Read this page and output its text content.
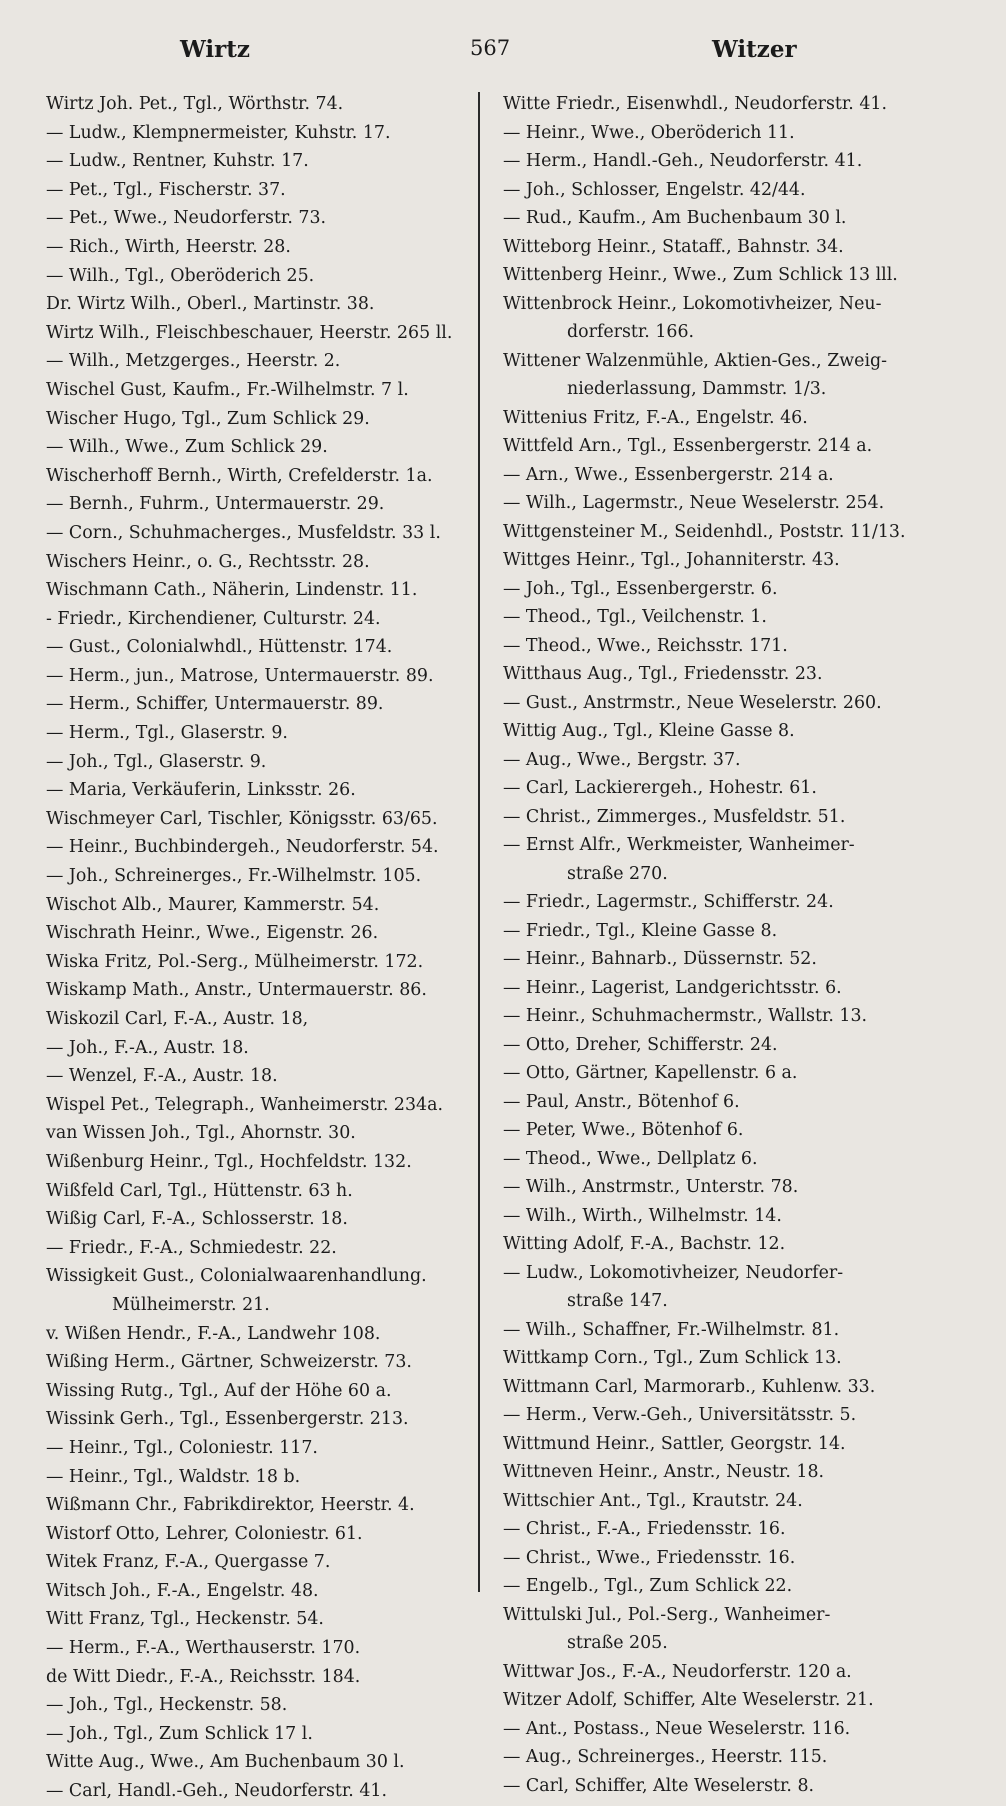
Wirtz	567	Witzer
Wirtz Joh. Pet., Tgl., Wörthstr. 74.
— Ludw., Klempnermeister, Kuhstr. 17.
— Ludw., Rentner, Kuhstr. 17.
— Pet., Tgl., Fischerstr. 37.
— Pet., Wwe., Neudorferstr. 73.
— Rich., Wirth, Heerstr. 28.
— Wilh., Tgl., Oberöderich 25.
Dr. Wirtz Wilh., Oberl., Martinstr. 38.
Wirtz Wilh., Fleischbeschauer, Heerstr. 265 ll.
— Wilh., Metzgerges., Heerstr. 2.
Wischel Gust, Kaufm., Fr.-Wilhelmstr. 7 l.
Wischer Hugo, Tgl., Zum Schlick 29.
— Wilh., Wwe., Zum Schlick 29.
Wischerhoff Bernh., Wirth, Crefelderstr. 1a.
— Bernh., Fuhrm., Untermauerstr. 29.
— Corn., Schuhmacherges., Musfeldstr. 33 l.
Wischers Heinr., o. G., Rechtsstr. 28.
Wischmann Cath., Näherin, Lindenstr. 11.
- Friedr., Kirchendiener, Culturstr. 24.
— Gust., Colonialwhdl., Hüttenstr. 174.
— Herm., jun., Matrose, Untermauerstr. 89.
— Herm., Schiffer, Untermauerstr. 89.
— Herm., Tgl., Glaserstr. 9.
— Joh., Tgl., Glaserstr. 9.
— Maria, Verkäuferin, Linksstr. 26.
Wischmeyer Carl, Tischler, Königsstr. 63/65.
— Heinr., Buchbindergeh., Neudorferstr. 54.
— Joh., Schreinerges., Fr.-Wilhelmstr. 105.
Wischot Alb., Maurer, Kammerstr. 54.
Wischrath Heinr., Wwe., Eigenstr. 26.
Wiska Fritz, Pol.-Serg., Mülheimerstr. 172.
Wiskamp Math., Anstr., Untermauerstr. 86.
Wiskozil Carl, F.-A., Austr. 18,
— Joh., F.-A., Austr. 18.
— Wenzel, F.-A., Austr. 18.
Wispel Pet., Telegraph., Wanheimerstr. 234a.
van Wissen Joh., Tgl., Ahornstr. 30.
Wißenburg Heinr., Tgl., Hochfeldstr. 132.
Wißfeld Carl, Tgl., Hüttenstr. 63 h.
Wißig Carl, F.-A., Schlosserstr. 18.
— Friedr., F.-A., Schmiedestr. 22.
Wissigkeit Gust., Colonialwaarenhandlung.
Mülheimerstr. 21.
v. Wißen Hendr., F.-A., Landwehr 108.
Wißing Herm., Gärtner, Schweizerstr. 73.
Wissing Rutg., Tgl., Auf der Höhe 60 a.
Wissink Gerh., Tgl., Essenbergerstr. 213.
— Heinr., Tgl., Coloniestr. 117.
— Heinr., Tgl., Waldstr. 18 b.
Wißmann Chr., Fabrikdirektor, Heerstr. 4.
Wistorf Otto, Lehrer, Coloniestr. 61.
Witek Franz, F.-A., Quergasse 7.
Witsch Joh., F.-A., Engelstr. 48.
Witt Franz, Tgl., Heckenstr. 54.
— Herm., F.-A., Werthauserstr. 170.
de Witt Diedr., F.-A., Reichsstr. 184.
— Joh., Tgl., Heckenstr. 58.
— Joh., Tgl., Zum Schlick 17 l.
Witte Aug., Wwe., Am Buchenbaum 30 l.
— Carl, Handl.-Geh., Neudorferstr. 41.
Witte Friedr., Eisenwhdl., Neudorferstr. 41.
— Heinr., Wwe., Oberöderich 11.
— Herm., Handl.-Geh., Neudorferstr. 41.
— Joh., Schlosser, Engelstr. 42/44.
— Rud., Kaufm., Am Buchenbaum 30 l.
Witteborg Heinr., Stataff., Bahnstr. 34.
Wittenberg Heinr., Wwe., Zum Schlick 13 lll.
Wittenbrock Heinr., Lokomotivheizer, Neu-
dorferstr. 166.
Wittener Walzenmühle, Aktien-Ges., Zweig-
niederlassung, Dammstr. 1/3.
Wittenius Fritz, F.-A., Engelstr. 46.
Wittfeld Arn., Tgl., Essenbergerstr. 214 a.
— Arn., Wwe., Essenbergerstr. 214 a.
— Wilh., Lagermstr., Neue Weselerstr. 254.
Wittgensteiner M., Seidenhdl., Poststr. 11/13.
Wittges Heinr., Tgl., Johanniterstr. 43.
— Joh., Tgl., Essenbergerstr. 6.
— Theod., Tgl., Veilchenstr. 1.
— Theod., Wwe., Reichsstr. 171.
Witthaus Aug., Tgl., Friedensstr. 23.
— Gust., Anstrmstr., Neue Weselerstr. 260.
Wittig Aug., Tgl., Kleine Gasse 8.
— Aug., Wwe., Bergstr. 37.
— Carl, Lackierergeh., Hohestr. 61.
— Christ., Zimmerges., Musfeldstr. 51.
— Ernst Alfr., Werkmeister, Wanheimer-
straße 270.
— Friedr., Lagermstr., Schifferstr. 24.
— Friedr., Tgl., Kleine Gasse 8.
— Heinr., Bahnarb., Düssernstr. 52.
— Heinr., Lagerist, Landgerichtsstr. 6.
— Heinr., Schuhmachermstr., Wallstr. 13.
— Otto, Dreher, Schifferstr. 24.
— Otto, Gärtner, Kapellenstr. 6 a.
— Paul, Anstr., Bötenhof 6.
— Peter, Wwe., Bötenhof 6.
— Theod., Wwe., Dellplatz 6.
— Wilh., Anstrmstr., Unterstr. 78.
— Wilh., Wirth., Wilhelmstr. 14.
Witting Adolf, F.-A., Bachstr. 12.
— Ludw., Lokomotivheizer, Neudorfer-
straße 147.
— Wilh., Schaffner, Fr.-Wilhelmstr. 81.
Wittkamp Corn., Tgl., Zum Schlick 13.
Wittmann Carl, Marmorarb., Kuhlenw. 33.
— Herm., Verw.-Geh., Universitätsstr. 5.
Wittmund Heinr., Sattler, Georgstr. 14.
Wittneven Heinr., Anstr., Neustr. 18.
Wittschier Ant., Tgl., Krautstr. 24.
— Christ., F.-A., Friedensstr. 16.
— Christ., Wwe., Friedensstr. 16.
— Engelb., Tgl., Zum Schlick 22.
Wittulski Jul., Pol.-Serg., Wanheimer-
straße 205.
Wittwar Jos., F.-A., Neudorferstr. 120 a.
Witzer Adolf, Schiffer, Alte Weselerstr. 21.
— Ant., Postass., Neue Weselerstr. 116.
— Aug., Schreinerges., Heerstr. 115.
— Carl, Schiffer, Alte Weselerstr. 8.
